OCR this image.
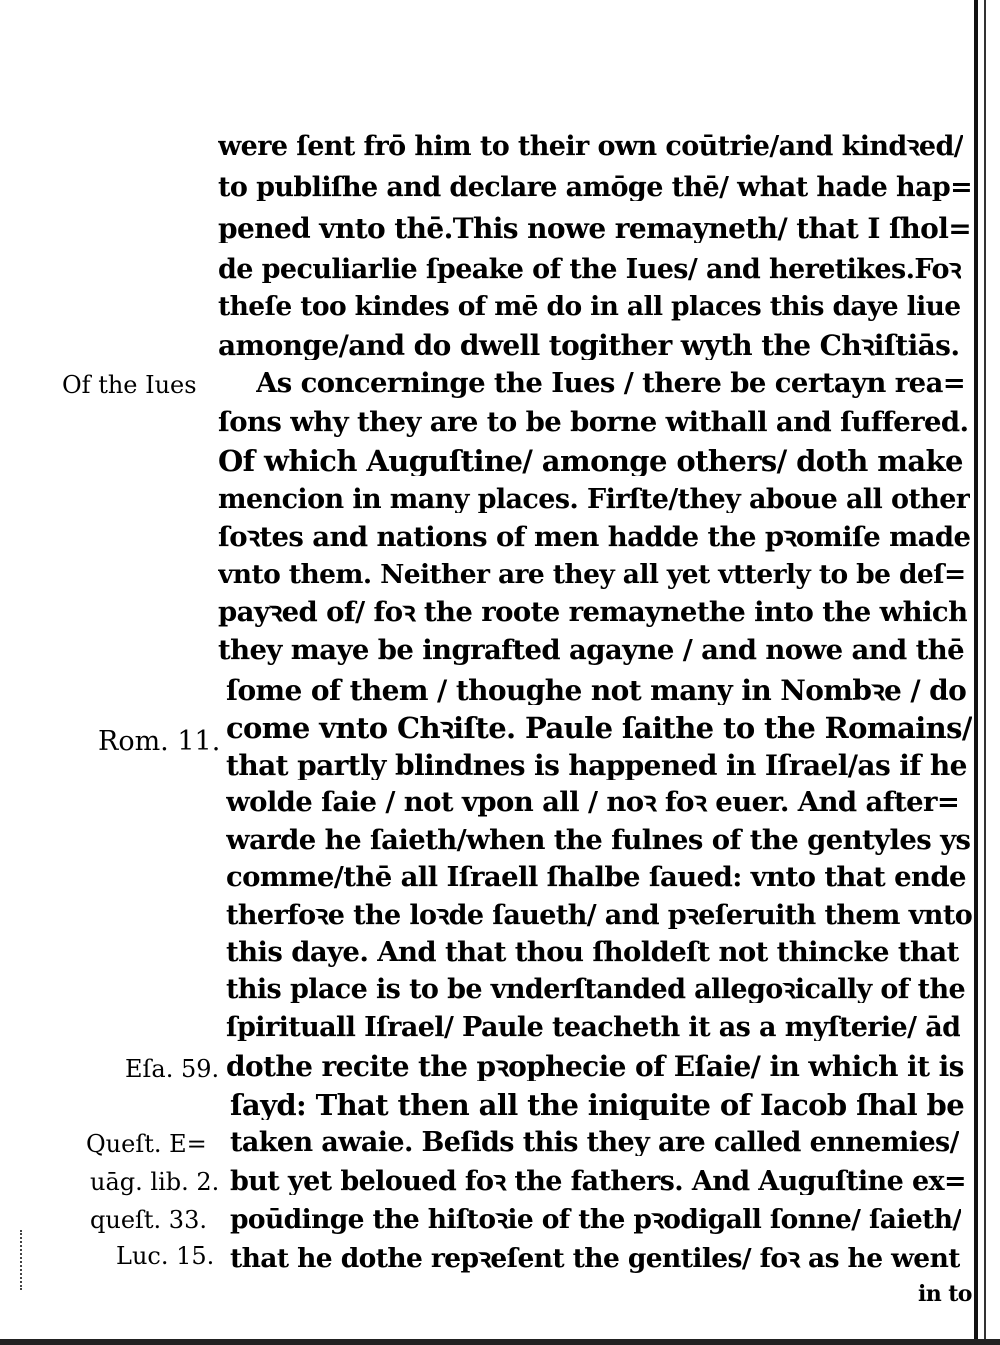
were ſent frō him to their own coūtrie/and kindꝛed/
to publiſhe and declare amōge thē/ what hade hap=
pened vnto thē.This nowe remayneth/ that I ſhol=
de peculiarlie ſpeake of the Iues/ and heretikes.Foꝛ
theſe too kindes of mē do in all places this daye liue
amonge/and do dwell togither wyth the Chꝛiſtiās.
As concerninge the Iues / there be certayn rea=
ſons why they are to be borne withall and ſuffered.
Of which Auguſtine/ amonge others/ doth make
mencion in many places. Firſte/they aboue all other
ſoꝛtes and nations of men hadde the pꝛomiſe made
vnto them. Neither are they all yet vtterly to be deſ=
payꝛed of/ foꝛ the roote remaynethe into the which
they maye be ingrafted agayne / and nowe and thē
ſome of them / thoughe not many in Nombꝛe / do
come vnto Chꝛiſte. Paule ſaithe to the Romains/
that partly blindnes is happened in Iſrael/as if he
wolde ſaie / not vpon all / noꝛ foꝛ euer. And after=
warde he ſaieth/when the fulnes of the gentyles ys
comme/thē all Iſraell ſhalbe ſaued: vnto that ende
therfoꝛe the loꝛde ſaueth/ and pꝛeſeruith them vnto
this daye. And that thou ſholdeſt not thincke that
this place is to be vnderſtanded allegoꝛically of the
ſpirituall Iſrael/ Paule teacheth it as a myſterie/ ād
dothe recite the pꝛophecie of Eſaie/ in which it is
ſayd: That then all the iniquite of Iacob ſhal be
taken awaie. Beſids this they are called ennemies/
but yet beloued foꝛ the fathers. And Auguſtine ex=
poūdinge the hiſtoꝛie of the pꝛodigall ſonne/ ſaieth/
that he dothe repꝛeſent the gentiles/ foꝛ as he went
in to
Of the Iues
Rom. 11.
Eſa. 59.
Queſt. E=
uāg. lib. 2.
queſt. 33.
Luc. 15.
